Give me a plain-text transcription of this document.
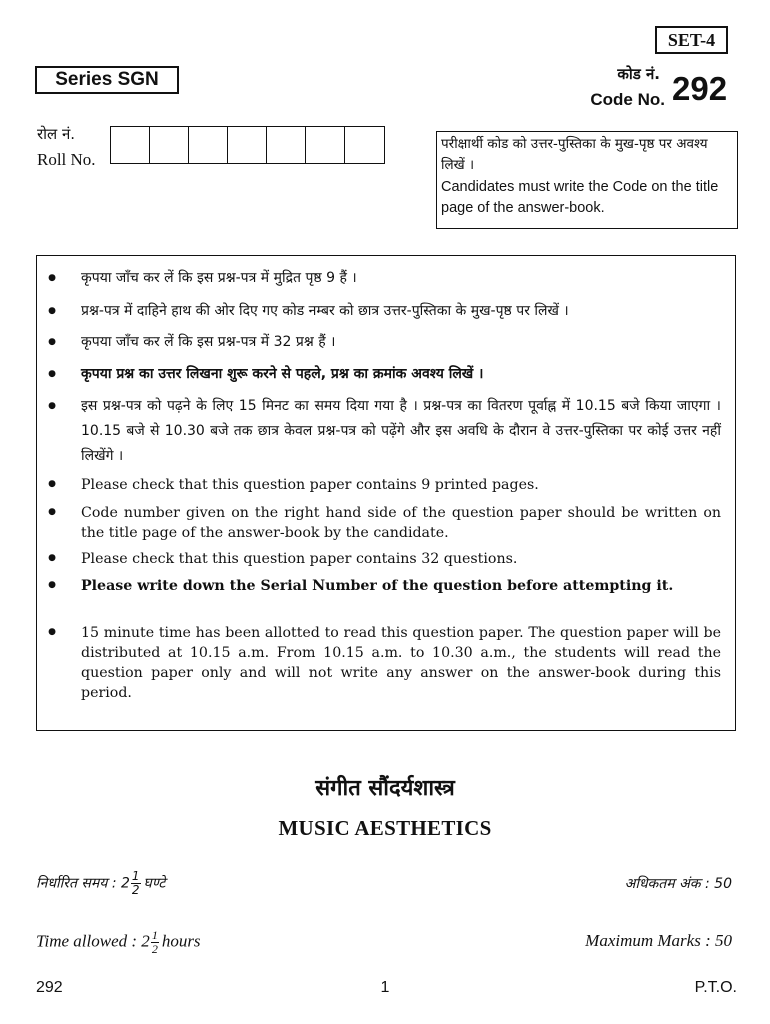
SET-4
Series SGN	कोड नं.
Code No. 292
रोल नं.
Roll No.
परीक्षार्थी कोड को उत्तर-पुस्तिका के मुख-पृष्ठ पर अवश्य लिखें ।
Candidates must write the Code on the title page of the answer-book.
● कृपया जाँच कर लें कि इस प्रश्न-पत्र में मुद्रित पृष्ठ 9 हैं ।
● प्रश्न-पत्र में दाहिने हाथ की ओर दिए गए कोड नम्बर को छात्र उत्तर-पुस्तिका के मुख-पृष्ठ पर लिखें ।
● कृपया जाँच कर लें कि इस प्रश्न-पत्र में 32 प्रश्न हैं ।
● कृपया प्रश्न का उत्तर लिखना शुरू करने से पहले, प्रश्न का क्रमांक अवश्य लिखें ।
● इस प्रश्न-पत्र को पढ़ने के लिए 15 मिनट का समय दिया गया है । प्रश्न-पत्र का वितरण पूर्वाह्न में 10.15 बजे किया जाएगा । 10.15 बजे से 10.30 बजे तक छात्र केवल प्रश्न-पत्र को पढ़ेंगे और इस अवधि के दौरान वे उत्तर-पुस्तिका पर कोई उत्तर नहीं लिखेंगे ।
● Please check that this question paper contains 9 printed pages.
● Code number given on the right hand side of the question paper should be written on the title page of the answer-book by the candidate.
● Please check that this question paper contains 32 questions.
● Please write down the Serial Number of the question before attempting it.
● 15 minute time has been allotted to read this question paper. The question paper will be distributed at 10.15 a.m. From 10.15 a.m. to 10.30 a.m., the students will read the question paper only and will not write any answer on the answer-book during this period.
संगीत सौंदर्यशास्त्र
MUSIC AESTHETICS
निर्धारित समय : $2 \frac{1}{2}$ घण्टे	अधिकतम अंक : 50
Time allowed : $2 \frac{1}{2}$ hours	Maximum Marks : 50
292	1	P.T.O.
